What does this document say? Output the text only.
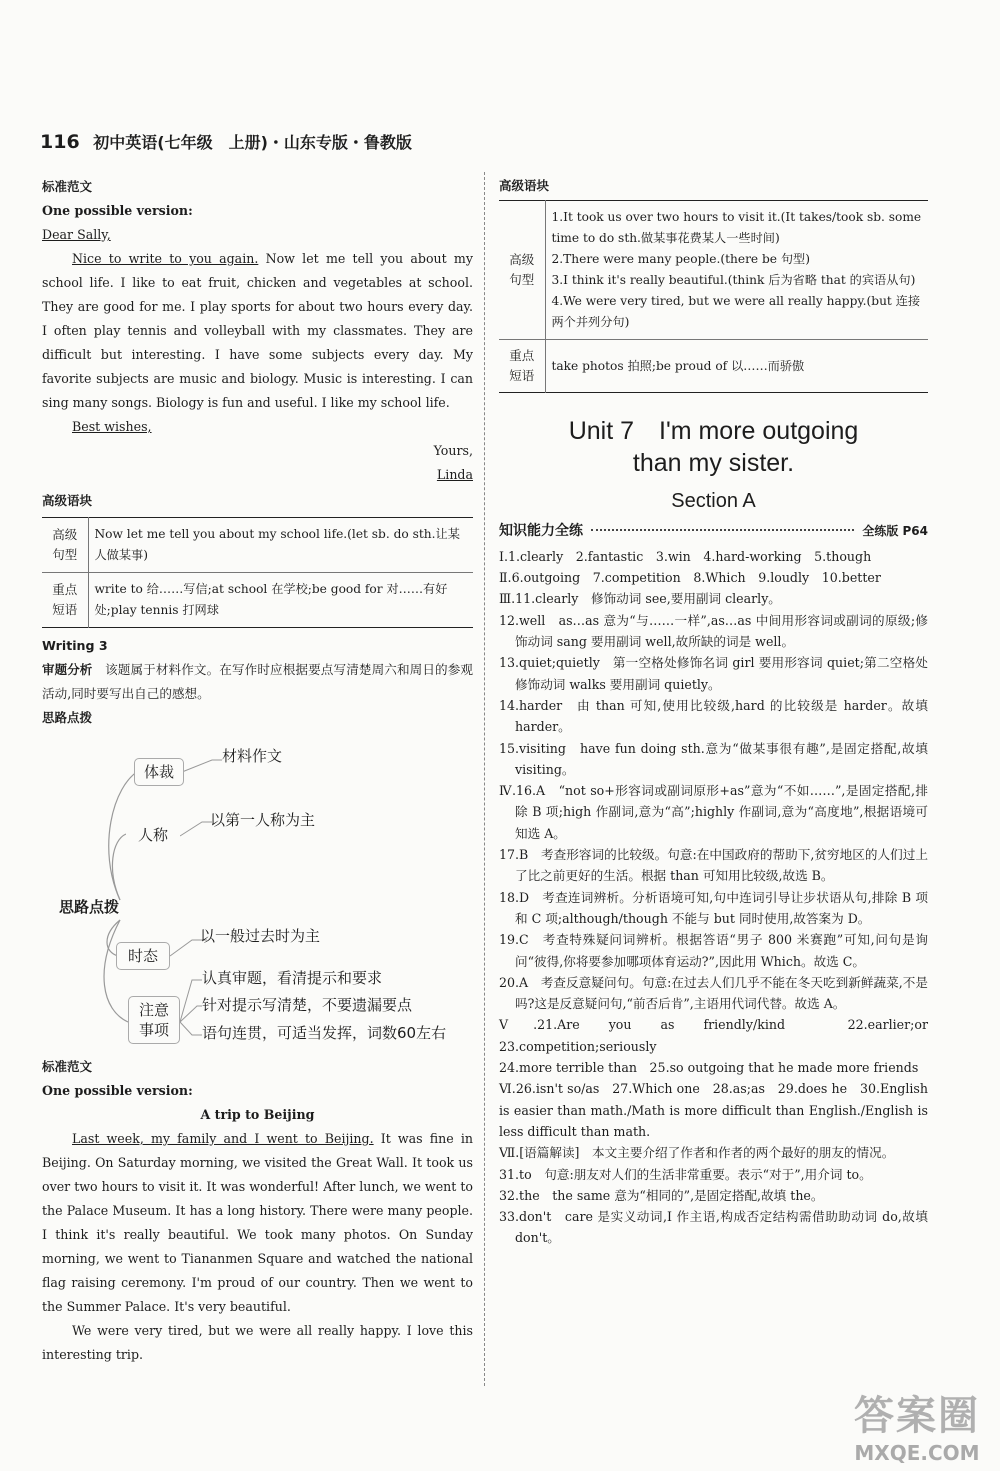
116 初中英语(七年级　上册)・山东专版・鲁教版

标准范文

One possible version:

Dear Sally,

Nice to write to you again. Now let me tell you about my school life. I like to eat fruit, chicken and vegetables at school. They are good for me. I play sports for about two hours every day. I often play tennis and volleyball with my classmates. They are difficult but interesting. I have some subjects every day. My favorite subjects are music and biology. Music is interesting. I can sing many songs. Biology is fun and useful. I like my school life.

Best wishes,

Yours,

Linda

高级语块

高级句型	Now let me tell you about my school life.(let sb. do sth.让某人做某事)
重点短语	write to 给……写信;at school 在学校;be good for 对……有好处;play tennis 打网球

Writing 3

审题分析　该题属于材料作文。在写作时应根据要点写清楚周六和周日的参观活动,同时要写出自己的感想。

思路点拨

体裁
材料作文
人称
以第一人称为主
思路点拨
时态
以一般过去时为主
注意事项
认真审题，看清提示和要求
针对提示写清楚，不要遗漏要点
语句连贯，可适当发挥，词数60左右

标准范文

One possible version:

A trip to Beijing

Last week, my family and I went to Beijing. It was fine in Beijing. On Saturday morning, we visited the Great Wall. It took us over two hours to visit it. It was wonderful! After lunch, we went to the Palace Museum. It has a long history. There were many people. I think it's really beautiful. We took many photos. On Sunday morning, we went to Tiananmen Square and watched the national flag raising ceremony. I'm proud of our country. Then we went to the Summer Palace. It's very beautiful.

We were very tired, but we were all really happy. I love this interesting trip.

高级语块

高级句型	1.It took us over two hours to visit it.(It takes/took sb. some time to do sth.做某事花费某人一些时间)

2.There were many people.(there be 句型)

3.I think it's really beautiful.(think 后为省略 that 的宾语从句)

4.We were very tired, but we were all really happy.(but 连接两个并列分句)

重点短语	take photos 拍照;be proud of 以……而骄傲

Unit 7　I'm more outgoing

than my sister.

Section A

知识能力全练	全练版 P64

Ⅰ.1.clearly　2.fantastic　3.win　4.hard-working　5.though

Ⅱ.6.outgoing　7.competition　8.Which　9.loudly　10.better

Ⅲ.11.clearly　修饰动词 see,要用副词 clearly。

12.well　as…as 意为“与……一样”,as…as 中间用形容词或副词的原级;修饰动词 sang 要用副词 well,故所缺的词是 well。

13.quiet;quietly　第一空格处修饰名词 girl 要用形容词 quiet;第二空格处修饰动词 walks 要用副词 quietly。

14.harder　由 than 可知,使用比较级,hard 的比较级是 harder。故填 harder。

15.visiting　have fun doing sth.意为“做某事很有趣”,是固定搭配,故填 visiting。

Ⅳ.16.A　“not so+形容词或副词原形+as”意为“不如……”,是固定搭配,排除 B 项;high 作副词,意为“高”;highly 作副词,意为“高度地”,根据语境可知选 A。

17.B　考查形容词的比较级。句意:在中国政府的帮助下,贫穷地区的人们过上了比之前更好的生活。根据 than 可知用比较级,故选 B。

18.D　考查连词辨析。分析语境可知,句中连词引导让步状语从句,排除 B 项和 C 项;although/though 不能与 but 同时使用,故答案为 D。

19.C　考查特殊疑问词辨析。根据答语“男子 800 米赛跑”可知,问句是询问“彼得,你将要参加哪项体育运动?”,因此用 Which。故选 C。

20.A　考查反意疑问句。句意:在过去人们几乎不能在冬天吃到新鲜蔬菜,不是吗?这是反意疑问句,“前否后肯”,主语用代词代替。故选 A。

Ⅴ.21.Are you as friendly/kind　22.earlier;or　23.competition;seriously

24.more terrible than　25.so outgoing that he made more friends

Ⅵ.26.isn't so/as　27.Which one　28.as;as　29.does he　30.English is easier than math./Math is more difficult than English./English is less difficult than math.

Ⅶ.[语篇解读]　本文主要介绍了作者和作者的两个最好的朋友的情况。

31.to　句意:朋友对人们的生活非常重要。表示“对于”,用介词 to。

32.the　the same 意为“相同的”,是固定搭配,故填 the。

33.don't　care 是实义动词,I 作主语,构成否定结构需借助助动词 do,故填 don't。

答案圈
MXQE.COM
